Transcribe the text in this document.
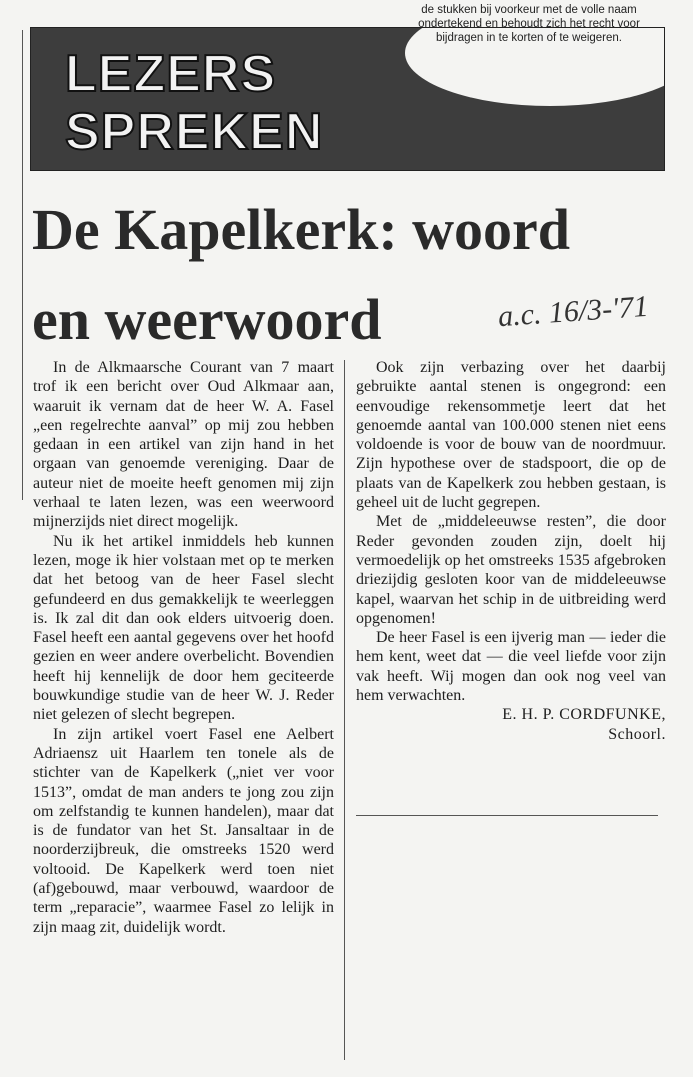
LEZERS
SPREKEN
de stukken bij voorkeur met de volle naam ondertekend en behoudt zich het recht voor bijdragen in te korten of te weigeren.
De Kapelkerk: woord
en weerwoord	a.c. 16/3-'71

In de Alkmaarsche Courant van 7 maart trof ik een bericht over Oud Alkmaar aan, waaruit ik vernam dat de heer W. A. Fasel „een regelrechte aanval” op mij zou hebben gedaan in een artikel van zijn hand in het orgaan van genoemde vereniging. Daar de auteur niet de moeite heeft genomen mij zijn verhaal te laten lezen, was een weerwoord mijnerzijds niet direct mogelijk.

Nu ik het artikel inmiddels heb kunnen lezen, moge ik hier volstaan met op te merken dat het betoog van de heer Fasel slecht gefundeerd en dus gemakkelijk te weerleggen is. Ik zal dit dan ook elders uitvoerig doen. Fasel heeft een aantal gegevens over het hoofd gezien en weer andere overbelicht. Bovendien heeft hij kennelijk de door hem geciteerde bouwkundige studie van de heer W. J. Reder niet gelezen of slecht begrepen.

In zijn artikel voert Fasel ene Aelbert Adriaensz uit Haarlem ten tonele als de stichter van de Kapelkerk („niet ver voor 1513”, omdat de man anders te jong zou zijn om zelfstandig te kunnen handelen), maar dat is de fundator van het St. Jansaltaar in de noorderzijbreuk, die omstreeks 1520 werd voltooid. De Kapelkerk werd toen niet (af)gebouwd, maar verbouwd, waardoor de term „reparacie”, waarmee Fasel zo lelijk in zijn maag zit, duidelijk wordt.

Ook zijn verbazing over het daarbij gebruikte aantal stenen is ongegrond: een eenvoudige rekensommetje leert dat het genoemde aantal van 100.000 stenen niet eens voldoende is voor de bouw van de noordmuur. Zijn hypothese over de stadspoort, die op de plaats van de Kapelkerk zou hebben gestaan, is geheel uit de lucht gegrepen.

Met de „middeleeuwse resten”, die door Reder gevonden zouden zijn, doelt hij vermoedelijk op het omstreeks 1535 afgebroken driezijdig gesloten koor van de middeleeuwse kapel, waarvan het schip in de uitbreiding werd opgenomen!

De heer Fasel is een ijverig man — ieder die hem kent, weet dat — die veel liefde voor zijn vak heeft. Wij mogen dan ook nog veel van hem verwachten.

E. H. P. CORDFUNKE,

Schoorl.
